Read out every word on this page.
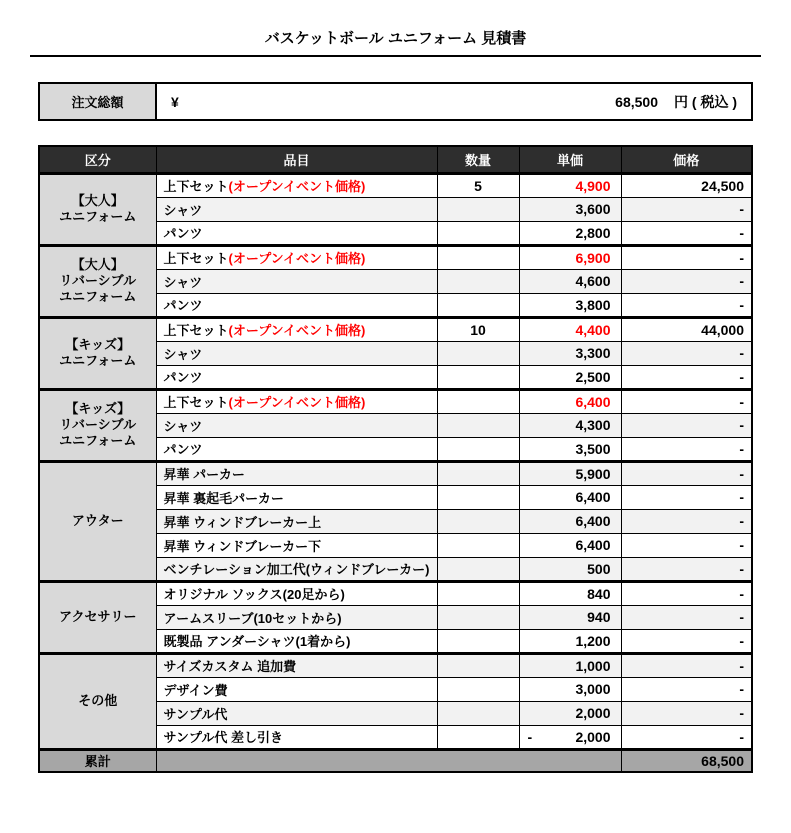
バスケットボール ユニフォーム 見積書
注文総額	¥	68,500 円 ( 税込 )
区分	品目	数量	単価	価格
【大人】
ユニフォーム	上下セット(オープンイベント価格)	5	4,900	24,500
	シャツ		3,600	-
	パンツ		2,800	-
【大人】
リバーシブル
ユニフォーム	上下セット(オープンイベント価格)		6,900	-
	シャツ		4,600	-
	パンツ		3,800	-
【キッズ】
ユニフォーム	上下セット(オープンイベント価格)	10	4,400	44,000
	シャツ		3,300	-
	パンツ		2,500	-
【キッズ】
リバーシブル
ユニフォーム	上下セット(オープンイベント価格)		6,400	-
	シャツ		4,300	-
	パンツ		3,500	-
アウター	昇華 パーカー		5,900	-
	昇華 裏起毛パーカー		6,400	-
	昇華 ウィンドブレーカー上		6,400	-
	昇華 ウィンドブレーカー下		6,400	-
	ベンチレーション加工代(ウィンドブレーカー)		500	-
アクセサリー	オリジナル ソックス(20足から)		840	-
	アームスリーブ(10セットから)		940	-
	既製品 アンダーシャツ(1着から)		1,200	-
その他	サイズカスタム 追加費		1,000	-
	デザイン費		3,000	-
	サンプル代		2,000	-
	サンプル代 差し引き		- 2,000	-
累計				68,500
